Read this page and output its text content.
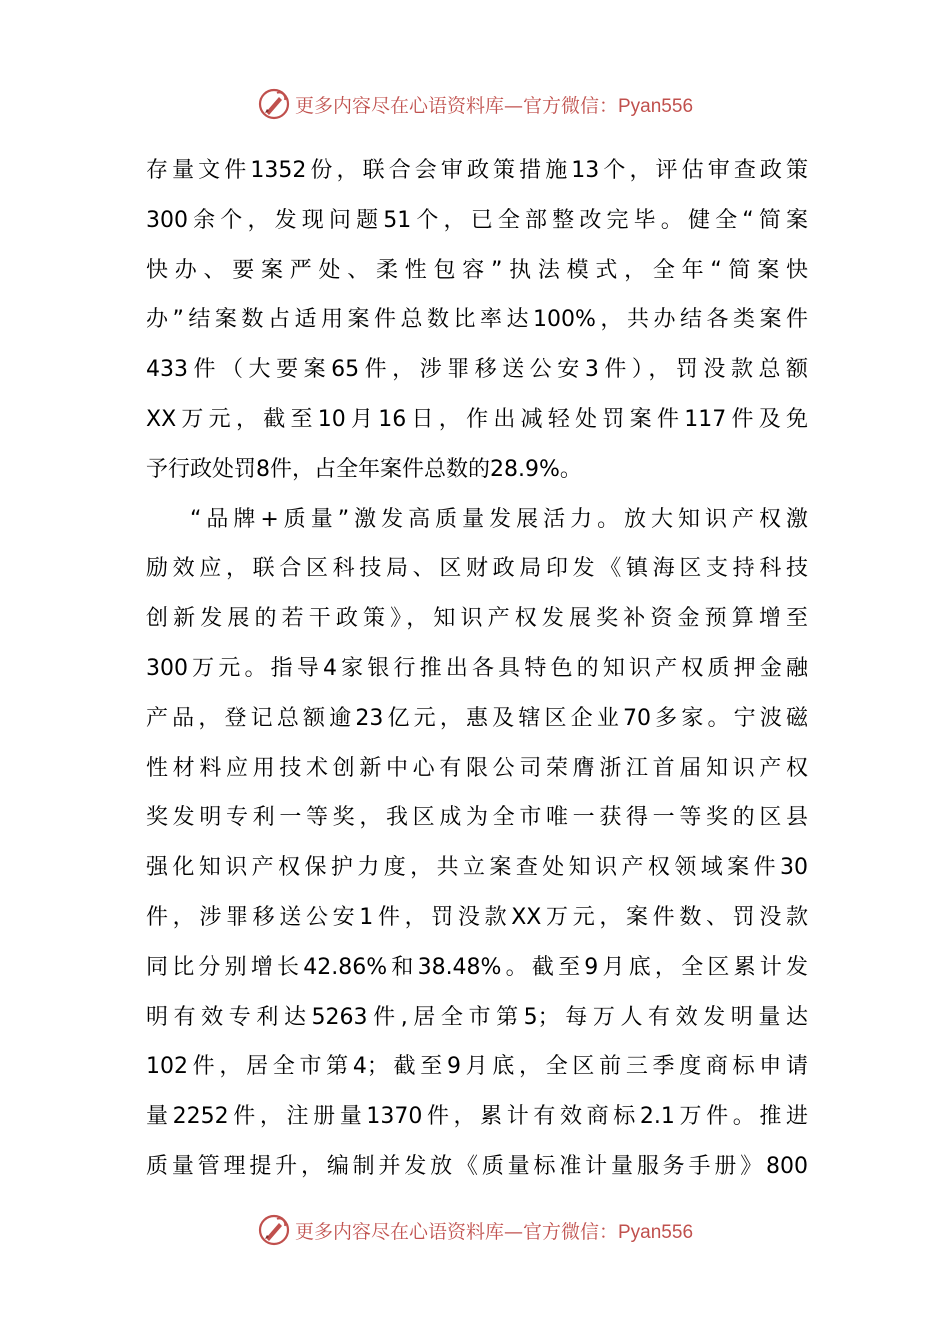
更多内容尽在心语资料库—官方微信：Pyan556
存量文件1352份，联合会审政策措施13个，评估审查政策
300余个，发现问题51个，已全部整改完毕。健全“简案
快办、要案严处、柔性包容”执法模式，全年“简案快
办”结案数占适用案件总数比率达100%，共办结各类案件
433件（大要案65件，涉罪移送公安3件），罚没款总额
XX万元，截至10月16日，作出减轻处罚案件117件及免
予行政处罚8件，占全年案件总数的28.9%。
“品牌+质量”激发高质量发展活力。放大知识产权激
励效应，联合区科技局、区财政局印发《镇海区支持科技
创新发展的若干政策》，知识产权发展奖补资金预算增至
300万元。指导4家银行推出各具特色的知识产权质押金融
产品，登记总额逾23亿元，惠及辖区企业70多家。宁波磁
性材料应用技术创新中心有限公司荣膺浙江首届知识产权
奖发明专利一等奖，我区成为全市唯一获得一等奖的区县
强化知识产权保护力度，共立案查处知识产权领域案件30
件，涉罪移送公安1件，罚没款XX万元，案件数、罚没款
同比分别增长42.86%和38.48%。截至9月底，全区累计发
明有效专利达5263件,居全市第5；每万人有效发明量达
102件，居全市第4；截至9月底，全区前三季度商标申请
量2252件，注册量1370件，累计有效商标2.1万件。推进
质量管理提升，编制并发放《质量标准计量服务手册》800
更多内容尽在心语资料库—官方微信：Pyan556
